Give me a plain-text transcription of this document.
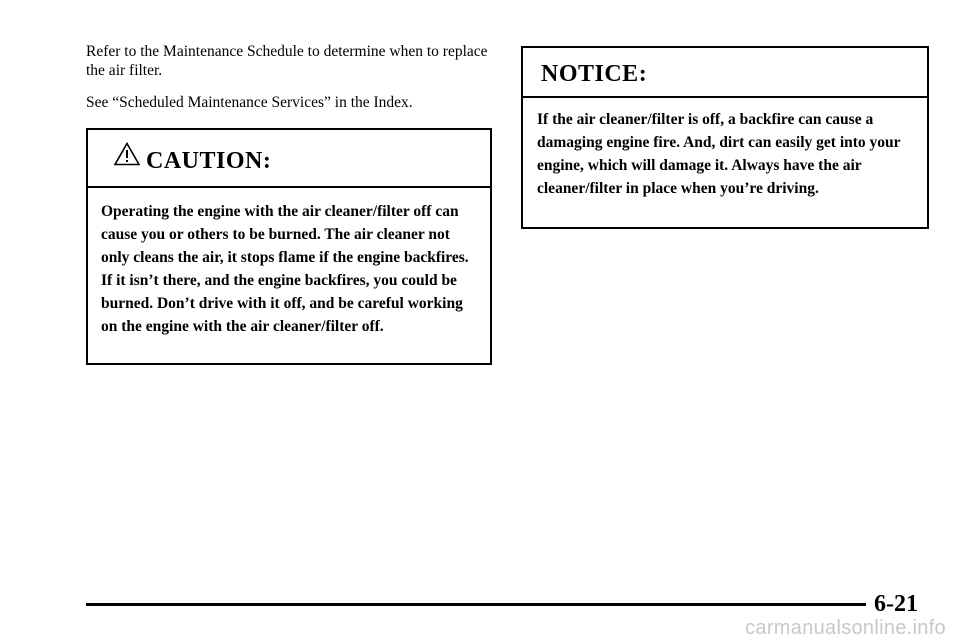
Refer to the Maintenance Schedule to determine when to replace the air filter.

See “Scheduled Maintenance Services” in the Index.

CAUTION:
Operating the engine with the air cleaner/filter off can cause you or others to be burned. The air cleaner not only cleans the air, it stops flame if the engine backfires. If it isn’t there, and the engine backfires, you could be burned. Don’t drive with it off, and be careful working on the engine with the air cleaner/filter off.
NOTICE:
If the air cleaner/filter is off, a backfire can cause a damaging engine fire. And, dirt can easily get into your engine, which will damage it. Always have the air cleaner/filter in place when you’re driving.
6-21
carmanualsonline.info
